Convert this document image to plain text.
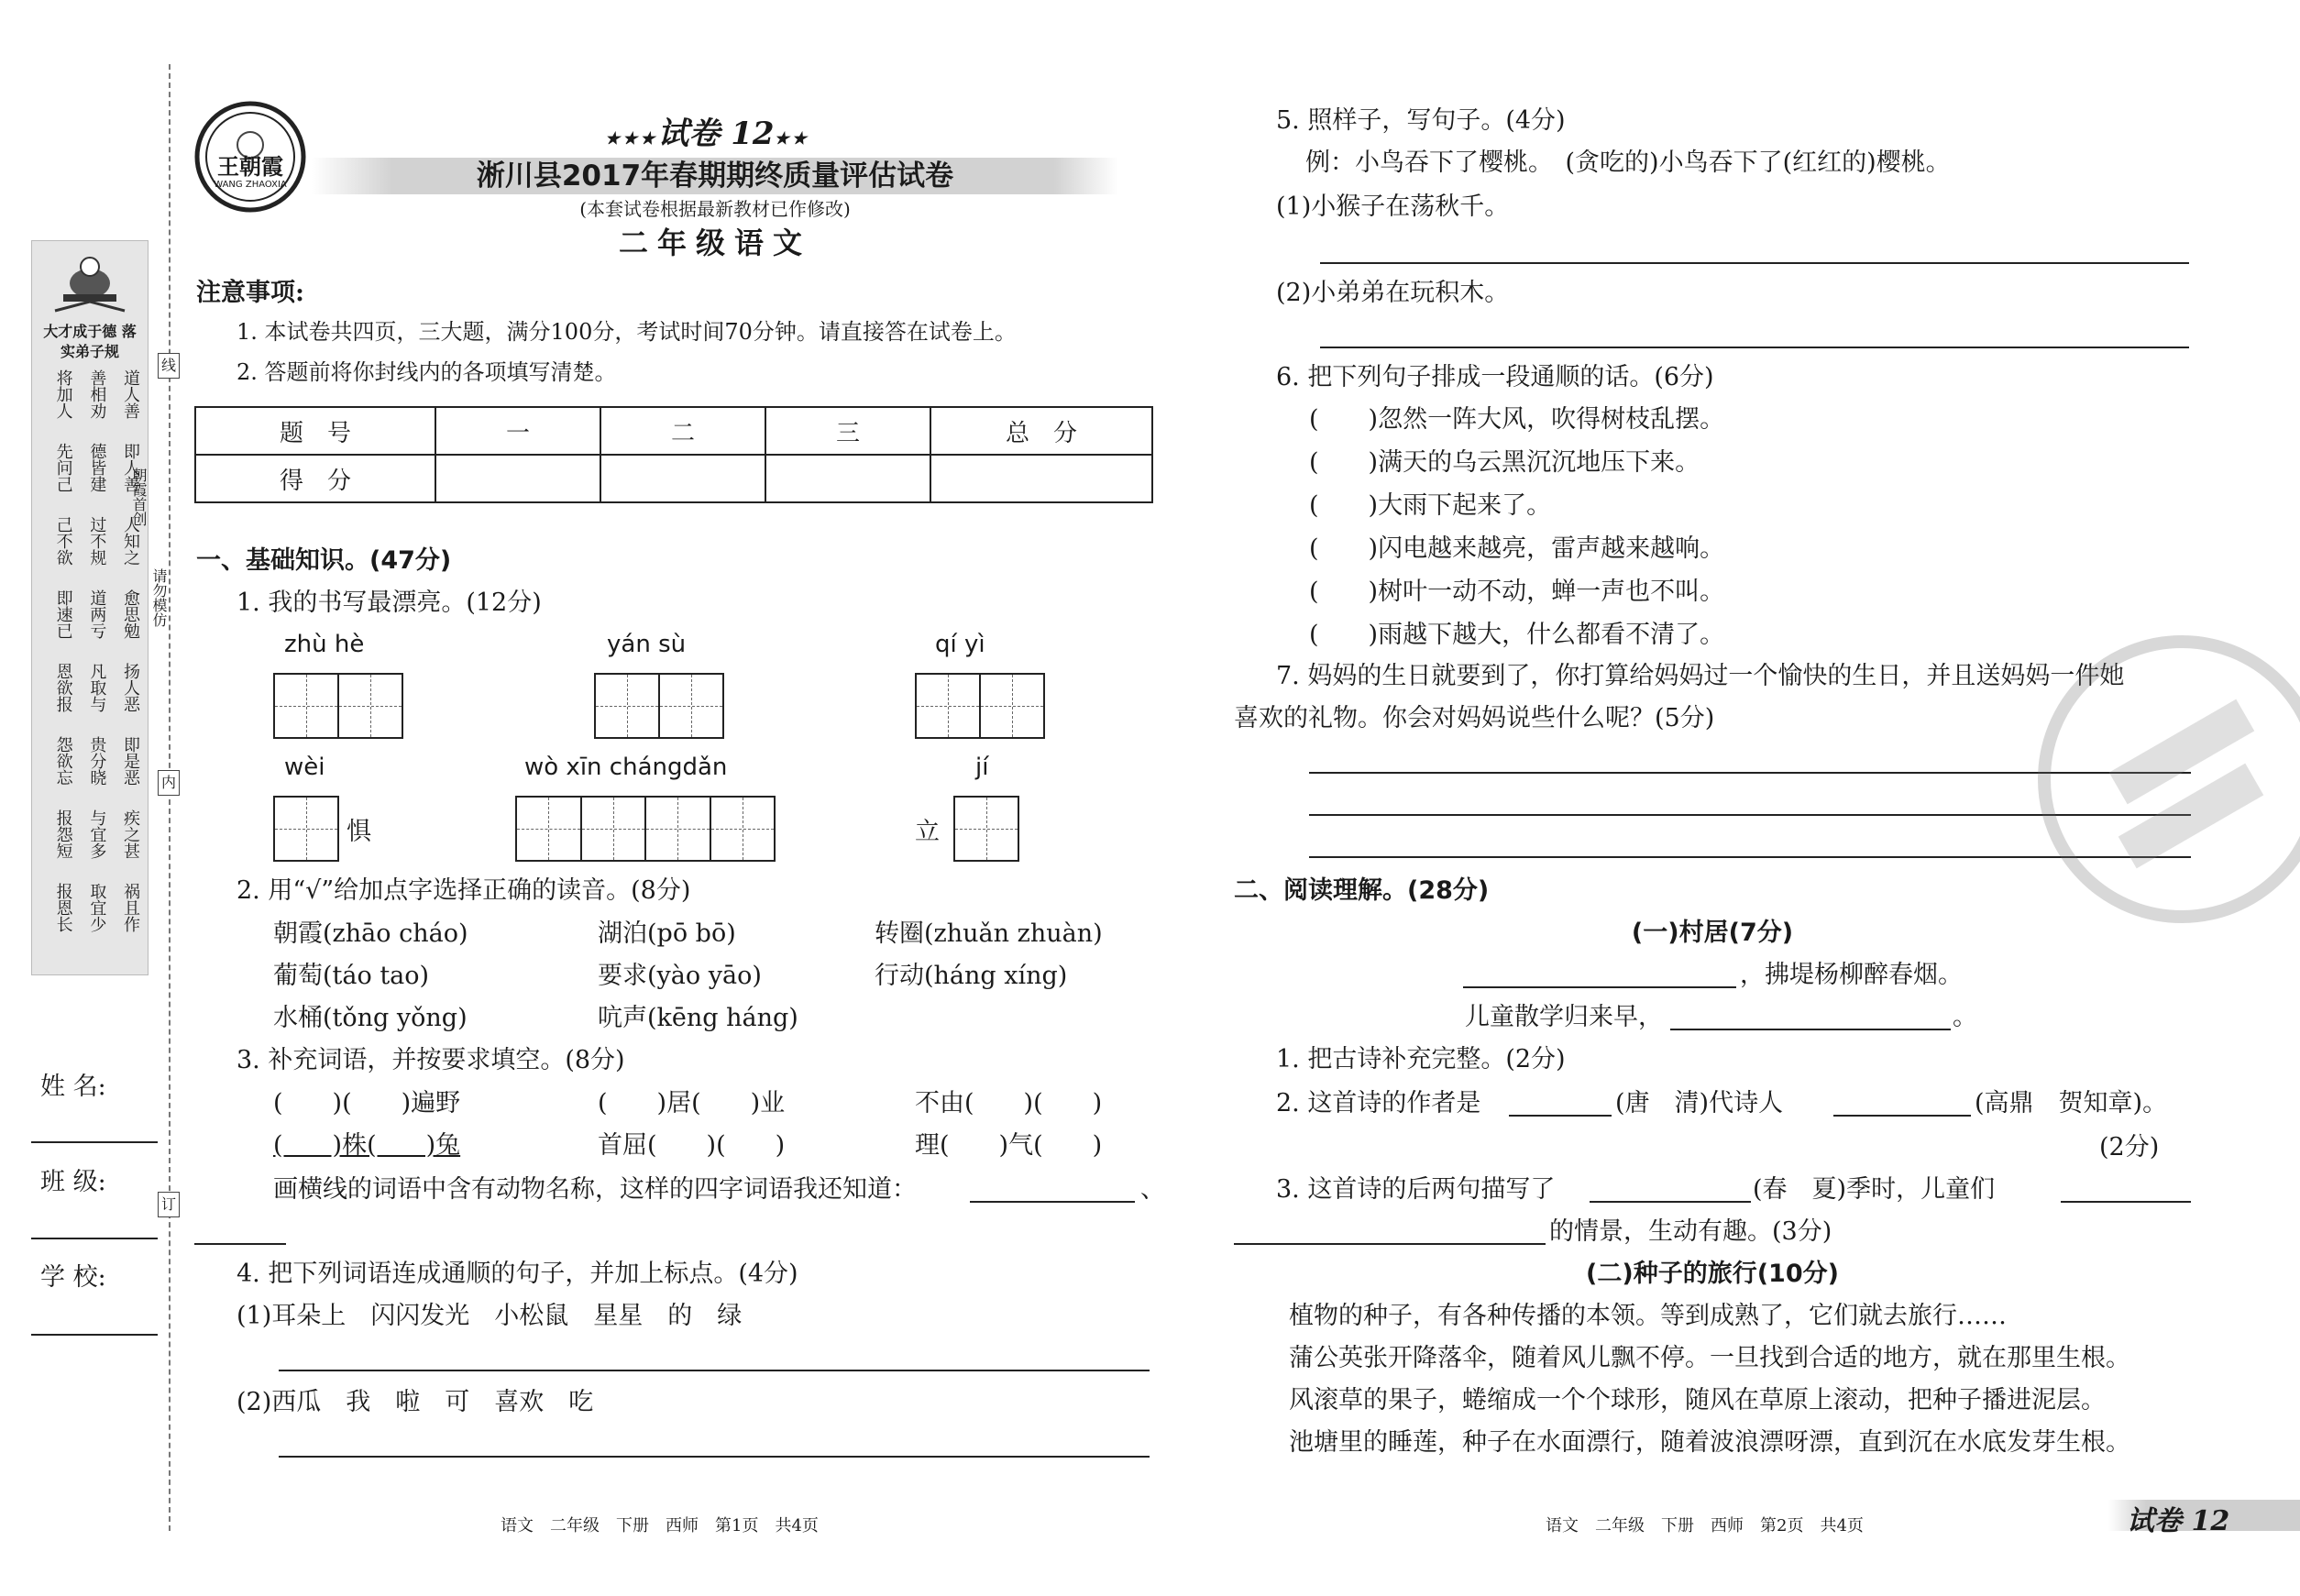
大才成于德 落实弟子规
道人善
即人善
人知之
愈思勉
扬人恶
即是恶
疾之甚
祸且作
善相劝
德皆建
过不规
道两亏
凡取与
贵分晓
与宜多
取宜少
将加人
先问己
己不欲
即速已
恩欲报
怨欲忘
报怨短
报恩长
线
内
订
朝霞首创
请勿模仿
姓 名:
班 级:
学 校:
王朝霞
WANG ZHAOXIA
★★★试卷 12★★
淅川县2017年春期期终质量评估试卷
(本套试卷根据最新教材已作修改)
二年级语文
注意事项:
1. 本试卷共四页，三大题，满分100分，考试时间70分钟。请直接答在试卷上。
2. 答题前将你封线内的各项填写清楚。
题　号	一	二	三	总　分
得　分				
一、基础知识。(47分)
1. 我的书写最漂亮。(12分)
zhù hè	yán sù	qí yì
wèi	wò xīn chángdǎn	jí
惧	立
2. 用“√”给加点字选择正确的读音。(8分)
朝霞(zhāo cháo)	湖泊(pō bō)	转圈(zhuǎn zhuàn)
葡萄(táo tao)	要求(yào yāo)	行动(háng xíng)
水桶(tǒng yǒng)	吭声(kēng háng)
3. 补充词语，并按要求填空。(8分)
(　　)(　　)遍野	(　　)居(　　)业	不由(　　)(　　)
(　　)株(　　)兔	首屈(　　)(　　)	理(　　)气(　　)
画横线的词语中含有动物名称，这样的四字词语我还知道：	、
4. 把下列词语连成通顺的句子，并加上标点。(4分)
(1)耳朵上　闪闪发光　小松鼠　星星　的　绿
(2)西瓜　我　啦　可　喜欢　吃
语文　二年级　下册　西师　第1页　共4页
5. 照样子，写句子。(4分)
例：小鸟吞下了樱桃。　(贪吃的)小鸟吞下了(红红的)樱桃。
(1)小猴子在荡秋千。
(2)小弟弟在玩积木。
6. 把下列句子排成一段通顺的话。(6分)
(　　)忽然一阵大风，吹得树枝乱摆。
(　　)满天的乌云黑沉沉地压下来。
(　　)大雨下起来了。
(　　)闪电越来越亮，雷声越来越响。
(　　)树叶一动不动，蝉一声也不叫。
(　　)雨越下越大，什么都看不清了。
7. 妈妈的生日就要到了，你打算给妈妈过一个愉快的生日，并且送妈妈一件她
喜欢的礼物。你会对妈妈说些什么呢？(5分)
二、阅读理解。(28分)
(一)村居(7分)
，拂堤杨柳醉春烟。
儿童散学归来早，	。
1. 把古诗补充完整。(2分)
2. 这首诗的作者是	(唐　清)代诗人	(高鼎　贺知章)。
(2分)
3. 这首诗的后两句描写了	(春　夏)季时，儿童们
的情景，生动有趣。(3分)
(二)种子的旅行(10分)
植物的种子，有各种传播的本领。等到成熟了，它们就去旅行……
蒲公英张开降落伞，随着风儿飘不停。一旦找到合适的地方，就在那里生根。
风滚草的果子，蜷缩成一个个球形，随风在草原上滚动，把种子播进泥层。
池塘里的睡莲，种子在水面漂行，随着波浪漂呀漂，直到沉在水底发芽生根。
语文　二年级　下册　西师　第2页　共4页	试卷 12
